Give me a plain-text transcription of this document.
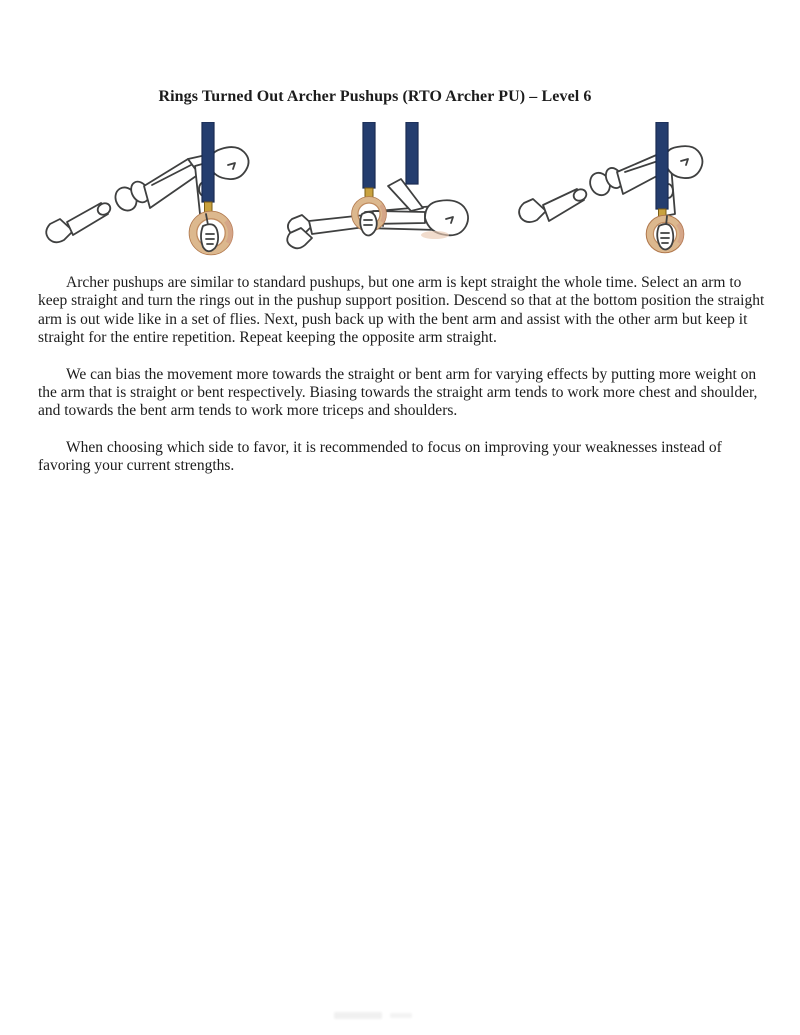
Rings Turned Out Archer Pushups (RTO Archer PU) – Level 6

Archer pushups are similar to standard pushups, but one arm is kept straight the whole time. Select an arm to keep straight and turn the rings out in the pushup support position. Descend so that at the bottom position the straight arm is out wide like in a set of flies. Next, push back up with the bent arm and assist with the other arm but keep it straight for the entire repetition. Repeat keeping the opposite arm straight.

We can bias the movement more towards the straight or bent arm for varying effects by putting more weight on the arm that is straight or bent respectively. Biasing towards the straight arm tends to work more chest and shoulder, and towards the bent arm tends to work more triceps and shoulders.

When choosing which side to favor, it is recommended to focus on improving your weaknesses instead of favoring your current strengths.
